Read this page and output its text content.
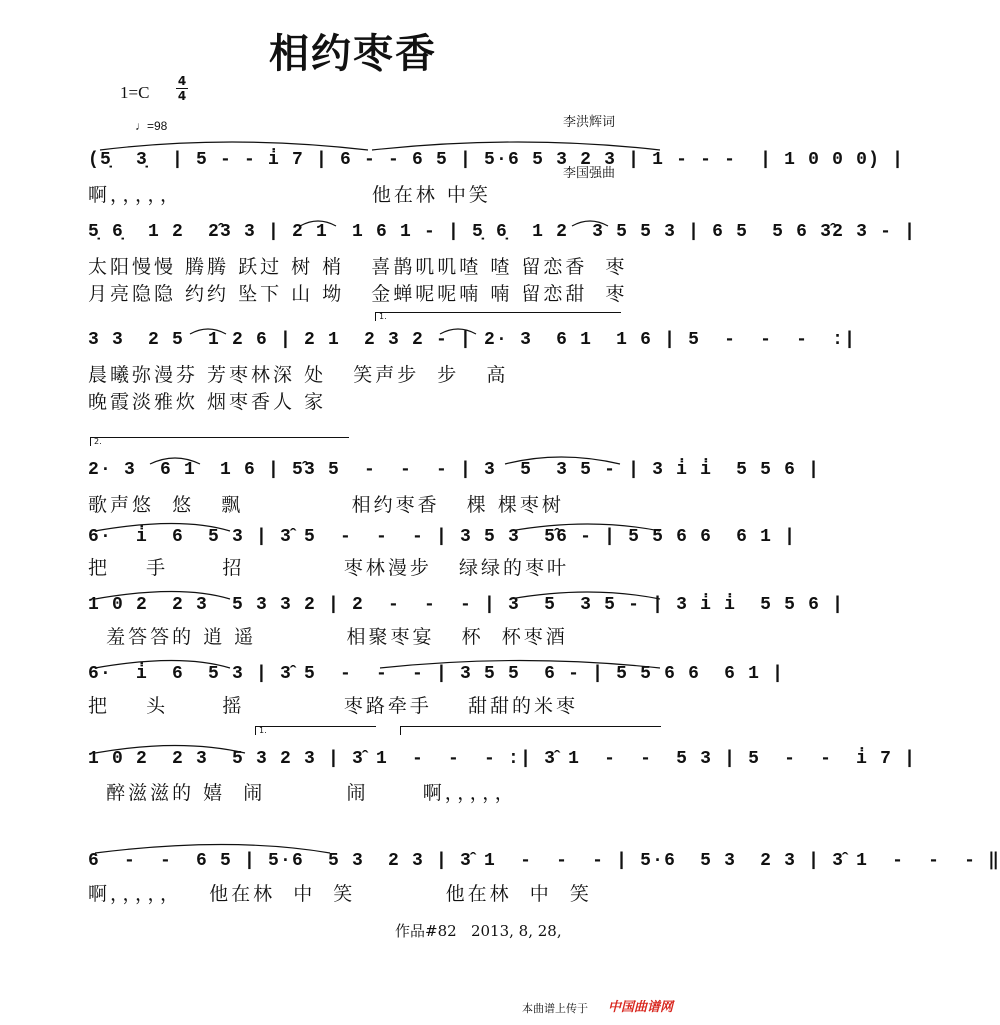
相约枣香
1=C
4
4

李洪辉词

李国强曲

♩=98
(5̣  3̣  | 5 - - i̇ 7 | 6 - - 6 5 | 5·6 5 3 2 3 | 1 - - -  | 1 0 0 0) |
啊，，，，，                     他在林 中笑
5̣ 6̣  1 2  2̂3 3 | 2 1  1 6 1 - | 5̣ 6̣  1 2  3 5 5 3 | 6 5  5 6 3̂2 3 - |
太阳慢慢 腾腾 跃过 树 梢   喜鹊叽叽喳 喳 留恋香  枣
月亮隐隐 约约 坠下 山 坳   金蝉呢呢喃 喃 留恋甜  枣
1.
3 3  2 5  1 2 6 | 2 1  2 3 2 - | 2· 3  6 1  1 6 | 5  -  -  -  :|
晨曦弥漫芬 芳枣林深 处   笑声步  步   高
晚霞淡雅炊 烟枣香人 家
2.
2· 3  6 1  1 6 | 5̂3 5  -  -  - | 3  5  3 5 - | 3 i̇ i̇  5 5 6 |
歌声悠  悠   飘            相约枣香   棵 棵枣树
6·  i̇  6  5 3 | 3̂ 5  -  -  - | 3 5 3  5̂6 - | 5 5 6 6  6 1 |
把    手      招           枣林漫步   绿绿的枣叶
1 0 2  2 3  5 3 3 2 | 2  -  -  - | 3  5  3 5 - | 3 i̇ i̇  5 5 6 |
羞答答的 逍 遥          相聚枣宴   杯  杯枣酒
6·  i̇  6  5 3 | 3̂ 5  -  -  - | 3 5 5  6 - | 5 5 6 6  6 1 |
把    头      摇           枣路牵手    甜甜的米枣
1.
1 0 2  2 3  5 3 2 3 | 3̂ 1  -  -  - :| 3̂ 1  -  -  5 3 | 5  -  -  i̇ 7 |
醉滋滋的 嬉  闹         闹      啊，，，，，
6  -  -  6 5 | 5·6  5 3  2 3 | 3̂ 1  -  -  - | 5·6  5 3  2 3 | 3̂ 1  -  -  - ‖
啊，，，，，   他在林  中  笑          他在林  中  笑
作品#82   2013, 8, 28,
本曲谱上传于 中国曲谱网
